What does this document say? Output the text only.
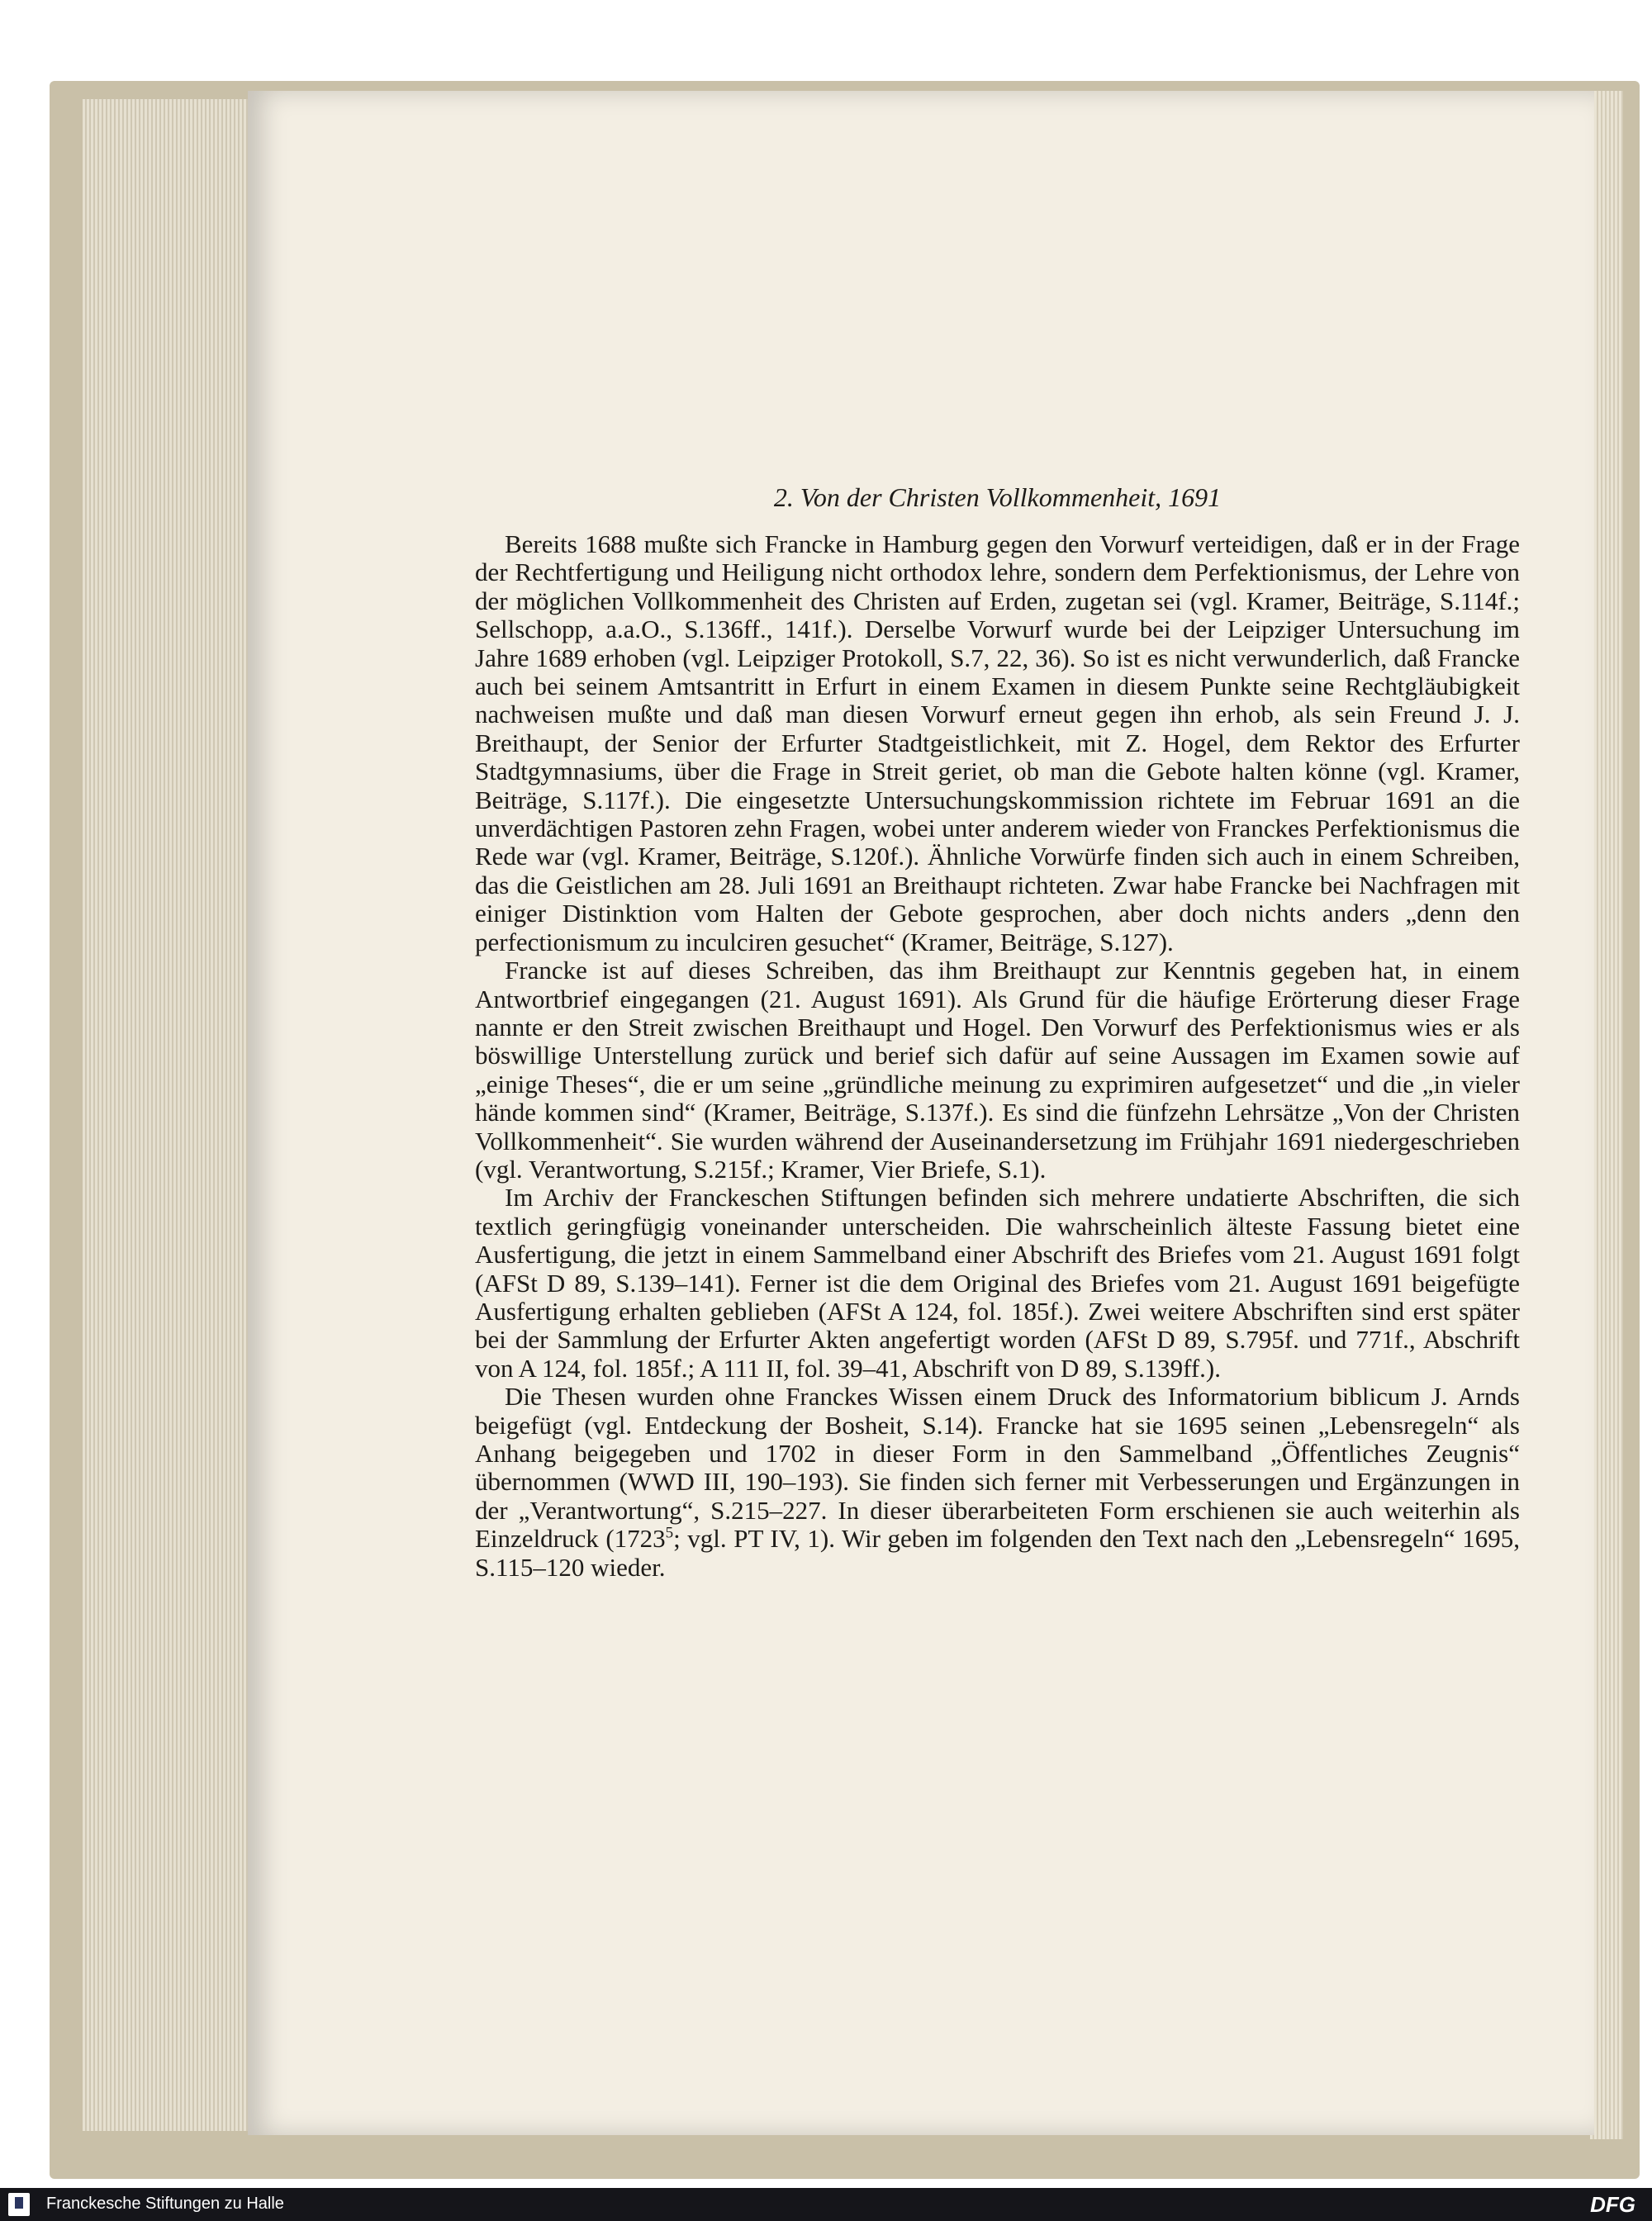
2. Von der Christen Vollkommenheit, 1691

Bereits 1688 mußte sich Francke in Hamburg gegen den Vorwurf verteidigen, daß er in der Frage der Rechtfertigung und Heiligung nicht orthodox lehre, sondern dem Perfektionismus, der Lehre von der möglichen Vollkommenheit des Christen auf Erden, zugetan sei (vgl. Kramer, Beiträge, S.114f.; Sellschopp, a.a.O., S.136ff., 141f.). Derselbe Vorwurf wurde bei der Leipziger Untersuchung im Jahre 1689 erhoben (vgl. Leipziger Protokoll, S.7, 22, 36). So ist es nicht verwunderlich, daß Francke auch bei seinem Amtsantritt in Erfurt in einem Examen in diesem Punkte seine Rechtgläubigkeit nachweisen mußte und daß man diesen Vorwurf erneut gegen ihn erhob, als sein Freund J. J. Breithaupt, der Senior der Erfurter Stadtgeistlichkeit, mit Z. Hogel, dem Rektor des Erfurter Stadtgymnasiums, über die Frage in Streit geriet, ob man die Gebote halten könne (vgl. Kramer, Beiträge, S.117f.). Die eingesetzte Untersuchungskommission richtete im Februar 1691 an die unverdächtigen Pastoren zehn Fragen, wobei unter anderem wieder von Franckes Perfektionismus die Rede war (vgl. Kramer, Beiträge, S.120f.). Ähnliche Vorwürfe finden sich auch in einem Schreiben, das die Geistlichen am 28. Juli 1691 an Breithaupt richteten. Zwar habe Francke bei Nachfragen mit einiger Distinktion vom Halten der Gebote gesprochen, aber doch nichts anders „denn den perfectionismum zu inculciren gesuchet“ (Kramer, Beiträge, S.127).

Francke ist auf dieses Schreiben, das ihm Breithaupt zur Kenntnis gegeben hat, in einem Antwortbrief eingegangen (21. August 1691). Als Grund für die häufige Erörterung dieser Frage nannte er den Streit zwischen Breithaupt und Hogel. Den Vorwurf des Perfektionismus wies er als böswillige Unterstellung zurück und berief sich dafür auf seine Aussagen im Examen sowie auf „einige Theses“, die er um seine „gründliche meinung zu exprimiren aufgesetzet“ und die „in vieler hände kommen sind“ (Kramer, Beiträge, S.137f.). Es sind die fünfzehn Lehrsätze „Von der Christen Vollkommenheit“. Sie wurden während der Auseinandersetzung im Frühjahr 1691 niedergeschrieben (vgl. Verantwortung, S.215f.; Kramer, Vier Briefe, S.1).

Im Archiv der Franckeschen Stiftungen befinden sich mehrere undatierte Abschriften, die sich textlich geringfügig voneinander unterscheiden. Die wahrscheinlich älteste Fassung bietet eine Ausfertigung, die jetzt in einem Sammelband einer Abschrift des Briefes vom 21. August 1691 folgt (AFSt D 89, S.139–141). Ferner ist die dem Original des Briefes vom 21. August 1691 beigefügte Ausfertigung erhalten geblieben (AFSt A 124, fol. 185f.). Zwei weitere Abschriften sind erst später bei der Sammlung der Erfurter Akten angefertigt worden (AFSt D 89, S.795f. und 771f., Abschrift von A 124, fol. 185f.; A 111 II, fol. 39–41, Abschrift von D 89, S.139ff.).

Die Thesen wurden ohne Franckes Wissen einem Druck des Informatorium biblicum J. Arnds beigefügt (vgl. Entdeckung der Bosheit, S.14). Francke hat sie 1695 seinen „Lebensregeln“ als Anhang beigegeben und 1702 in dieser Form in den Sammelband „Öffentliches Zeugnis“ übernommen (WWD III, 190–193). Sie finden sich ferner mit Verbesserungen und Ergänzungen in der „Verantwortung“, S.215–227. In dieser überarbeiteten Form erschienen sie auch weiterhin als Einzeldruck (1723$^5$; vgl. PT IV, 1). Wir geben im folgenden den Text nach den „Lebensregeln“ 1695, S.115–120 wieder.

Franckesche Stiftungen zu Halle	DFG
